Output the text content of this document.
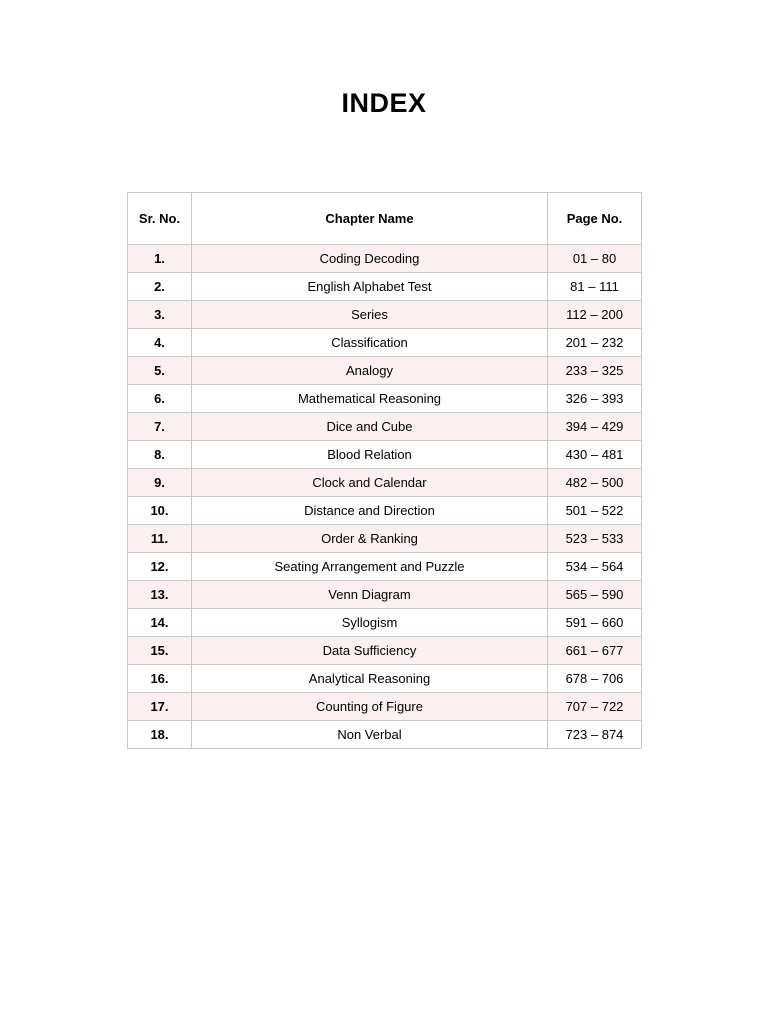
INDEX
Sr. No.	Chapter Name	Page No.
1.	Coding Decoding	01 – 80
2.	English Alphabet Test	81 – 111
3.	Series	112 – 200
4.	Classification	201 – 232
5.	Analogy	233 – 325
6.	Mathematical Reasoning	326 – 393
7.	Dice and Cube	394 – 429
8.	Blood Relation	430 – 481
9.	Clock and Calendar	482 – 500
10.	Distance and Direction	501 – 522
11.	Order & Ranking	523 – 533
12.	Seating Arrangement and Puzzle	534 – 564
13.	Venn Diagram	565 – 590
14.	Syllogism	591 – 660
15.	Data Sufficiency	661 – 677
16.	Analytical Reasoning	678 – 706
17.	Counting of Figure	707 – 722
18.	Non Verbal	723 – 874
